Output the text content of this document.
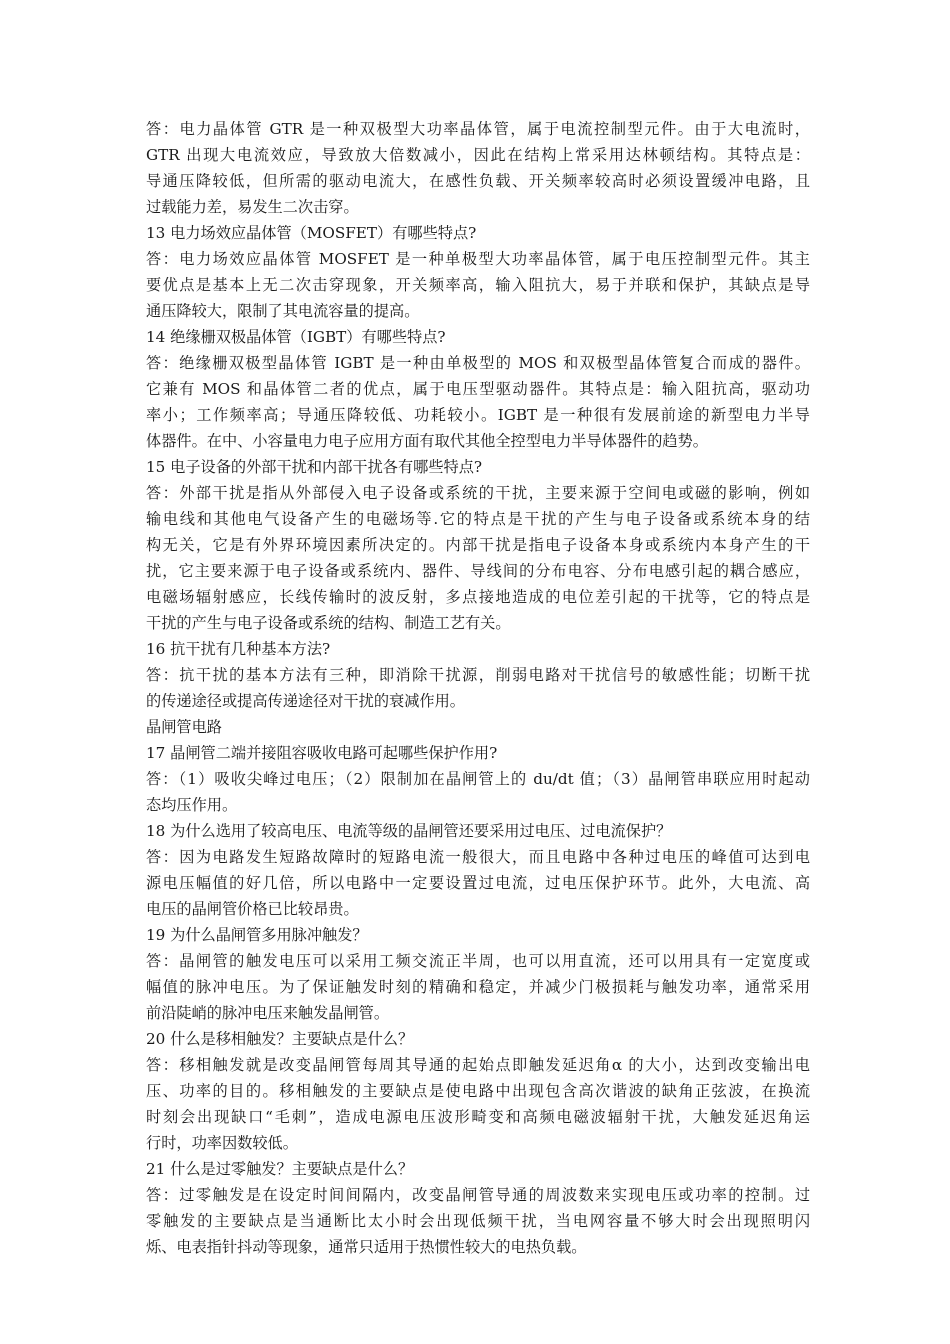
答：电力晶体管 GTR 是一种双极型大功率晶体管，属于电流控制型元件。由于大电流时，
GTR 出现大电流效应，导致放大倍数减小，因此在结构上常采用达林顿结构。其特点是：
导通压降较低，但所需的驱动电流大，在感性负载、开关频率较高时必须设置缓冲电路，且
过载能力差，易发生二次击穿。
13 电力场效应晶体管（MOSFET）有哪些特点?
答：电力场效应晶体管 MOSFET 是一种单极型大功率晶体管，属于电压控制型元件。其主
要优点是基本上无二次击穿现象，开关频率高，输入阻抗大，易于并联和保护，其缺点是导
通压降较大，限制了其电流容量的提高。
14 绝缘栅双极晶体管（IGBT）有哪些特点?
答：绝缘栅双极型晶体管 IGBT 是一种由单极型的 MOS 和双极型晶体管复合而成的器件。
它兼有 MOS 和晶体管二者的优点，属于电压型驱动器件。其特点是：输入阻抗高，驱动功
率小；工作频率高；导通压降较低、功耗较小。IGBT 是一种很有发展前途的新型电力半导
体器件。在中、小容量电力电子应用方面有取代其他全控型电力半导体器件的趋势。
15 电子设备的外部干扰和内部干扰各有哪些特点?
答：外部干扰是指从外部侵入电子设备或系统的干扰，主要来源于空间电或磁的影响，例如
输电线和其他电气设备产生的电磁场等.它的特点是干扰的产生与电子设备或系统本身的结
构无关，它是有外界环境因素所决定的。内部干扰是指电子设备本身或系统内本身产生的干
扰，它主要来源于电子设备或系统内、器件、导线间的分布电容、分布电感引起的耦合感应，
电磁场辐射感应，长线传输时的波反射，多点接地造成的电位差引起的干扰等，它的特点是
干扰的产生与电子设备或系统的结构、制造工艺有关。
16 抗干扰有几种基本方法?
答：抗干扰的基本方法有三种，即消除干扰源，削弱电路对干扰信号的敏感性能；切断干扰
的传递途径或提高传递途径对干扰的衰减作用。
晶闸管电路
17 晶闸管二端并接阻容吸收电路可起哪些保护作用?
答：（1）吸收尖峰过电压；（2）限制加在晶闸管上的 du/dt 值；（3）晶闸管串联应用时起动
态均压作用。
18 为什么选用了较高电压、电流等级的晶闸管还要采用过电压、过电流保护？
答：因为电路发生短路故障时的短路电流一般很大，而且电路中各种过电压的峰值可达到电
源电压幅值的好几倍，所以电路中一定要设置过电流，过电压保护环节。此外，大电流、高
电压的晶闸管价格已比较昂贵。
19 为什么晶闸管多用脉冲触发？
答：晶闸管的触发电压可以采用工频交流正半周，也可以用直流，还可以用具有一定宽度或
幅值的脉冲电压。为了保证触发时刻的精确和稳定，并减少门极损耗与触发功率，通常采用
前沿陡峭的脉冲电压来触发晶闸管。
20 什么是移相触发？主要缺点是什么？
答：移相触发就是改变晶闸管每周其导通的起始点即触发延迟角α 的大小，达到改变输出电
压、功率的目的。移相触发的主要缺点是使电路中出现包含高次谐波的缺角正弦波，在换流
时刻会出现缺口“毛刺”，造成电源电压波形畸变和高频电磁波辐射干扰，大触发延迟角运
行时，功率因数较低。
21 什么是过零触发？主要缺点是什么？
答：过零触发是在设定时间间隔内，改变晶闸管导通的周波数来实现电压或功率的控制。过
零触发的主要缺点是当通断比太小时会出现低频干扰，当电网容量不够大时会出现照明闪
烁、电表指针抖动等现象，通常只适用于热惯性较大的电热负载。
